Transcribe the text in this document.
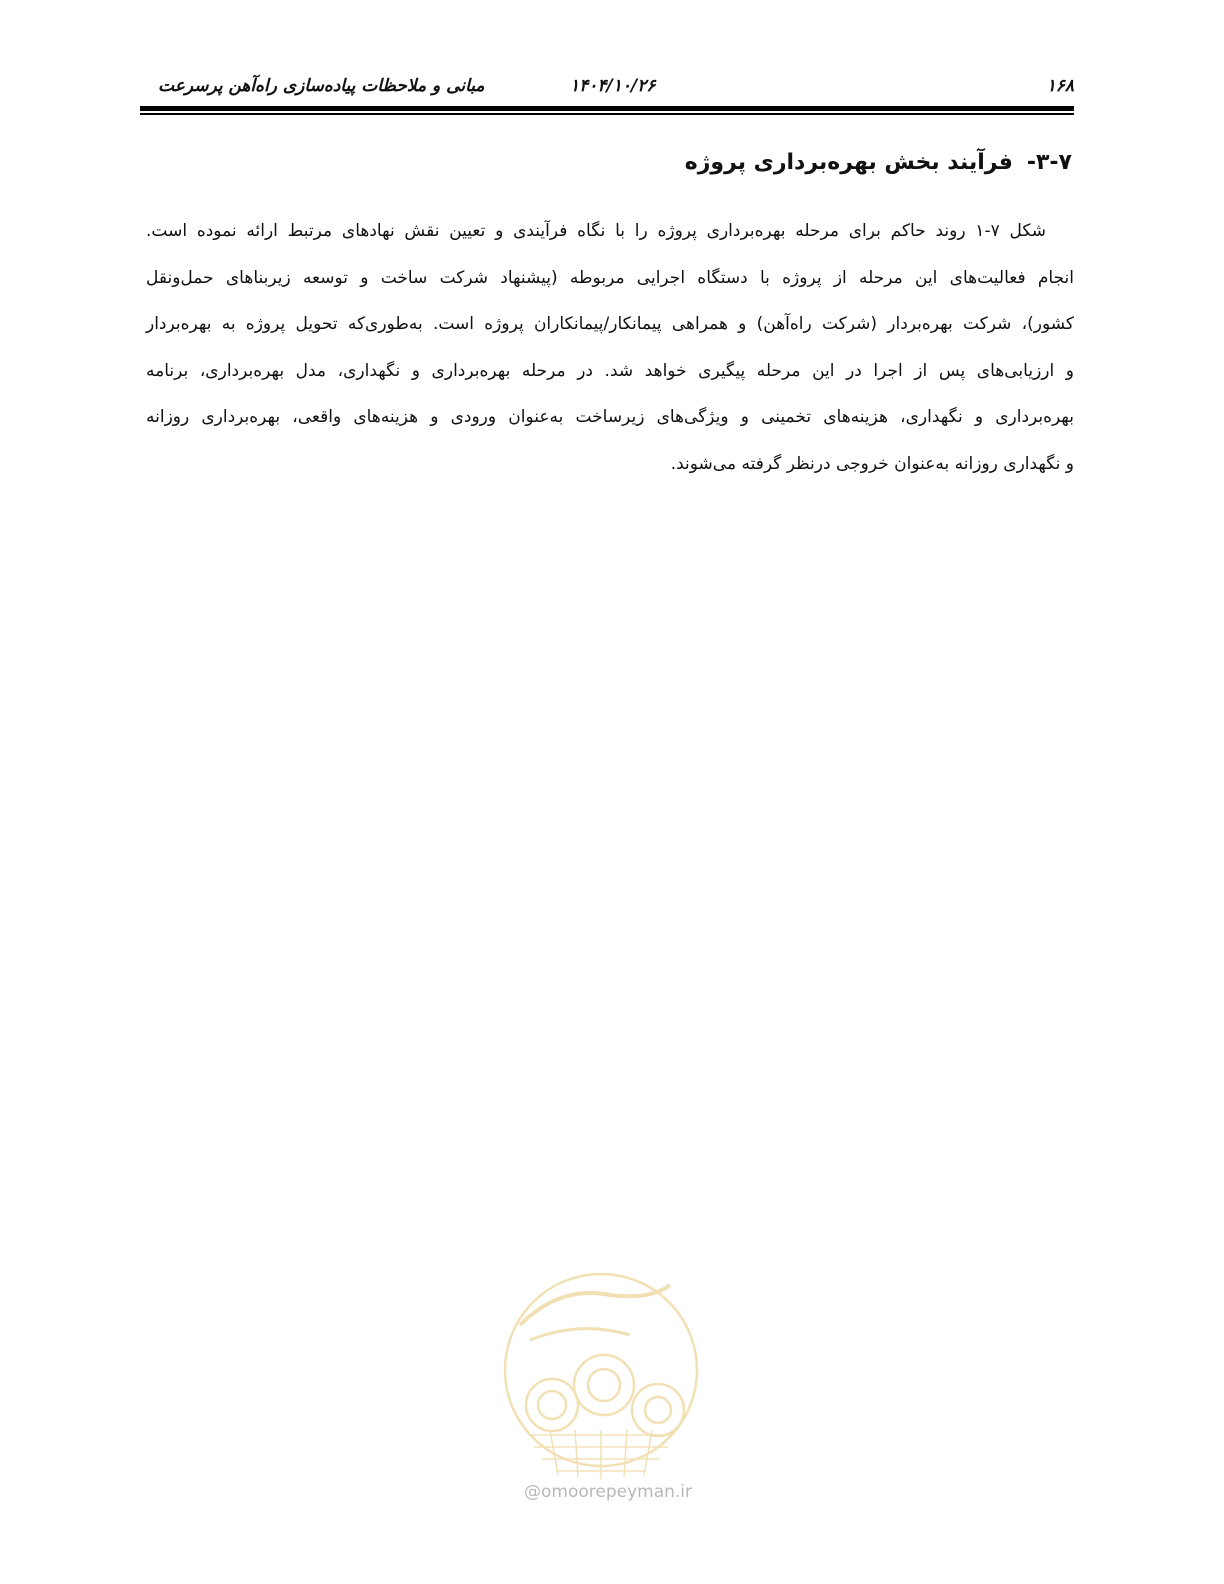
۱۶۸
۱۴۰۴/۱۰/۲۶
مبانی و ملاحظات پیاده‌سازی راه‌آهن پرسرعت
۳-۷-فرآیند بخش بهره‌برداری پروژه
شکل ۷-۱ روند حاکم برای مرحله بهره‌برداری پروژه را با نگاه فرآیندی و تعیین نقش نهادهای مرتبط ارائه نموده است.
انجام فعالیت‌های این مرحله از پروژه با دستگاه اجرایی مربوطه (پیشنهاد شرکت ساخت و توسعه زیربناهای حمل‌ونقل
کشور)، شرکت بهره‌بردار (شرکت راه‌آهن) و همراهی پیمانکار/پیمانکاران پروژه است. به‌طوری‌که تحویل پروژه به بهره‌بردار
و ارزیابی‌های پس از اجرا در این مرحله پیگیری خواهد شد. در مرحله بهره‌برداری و نگهداری، مدل بهره‌برداری، برنامه
بهره‌برداری و نگهداری، هزینه‌های تخمینی و ویژگی‌های زیرساخت به‌عنوان ورودی و هزینه‌های واقعی، بهره‌برداری روزانه
و نگهداری روزانه به‌عنوان خروجی درنظر گرفته می‌شوند.
@omoorepeyman.ir
